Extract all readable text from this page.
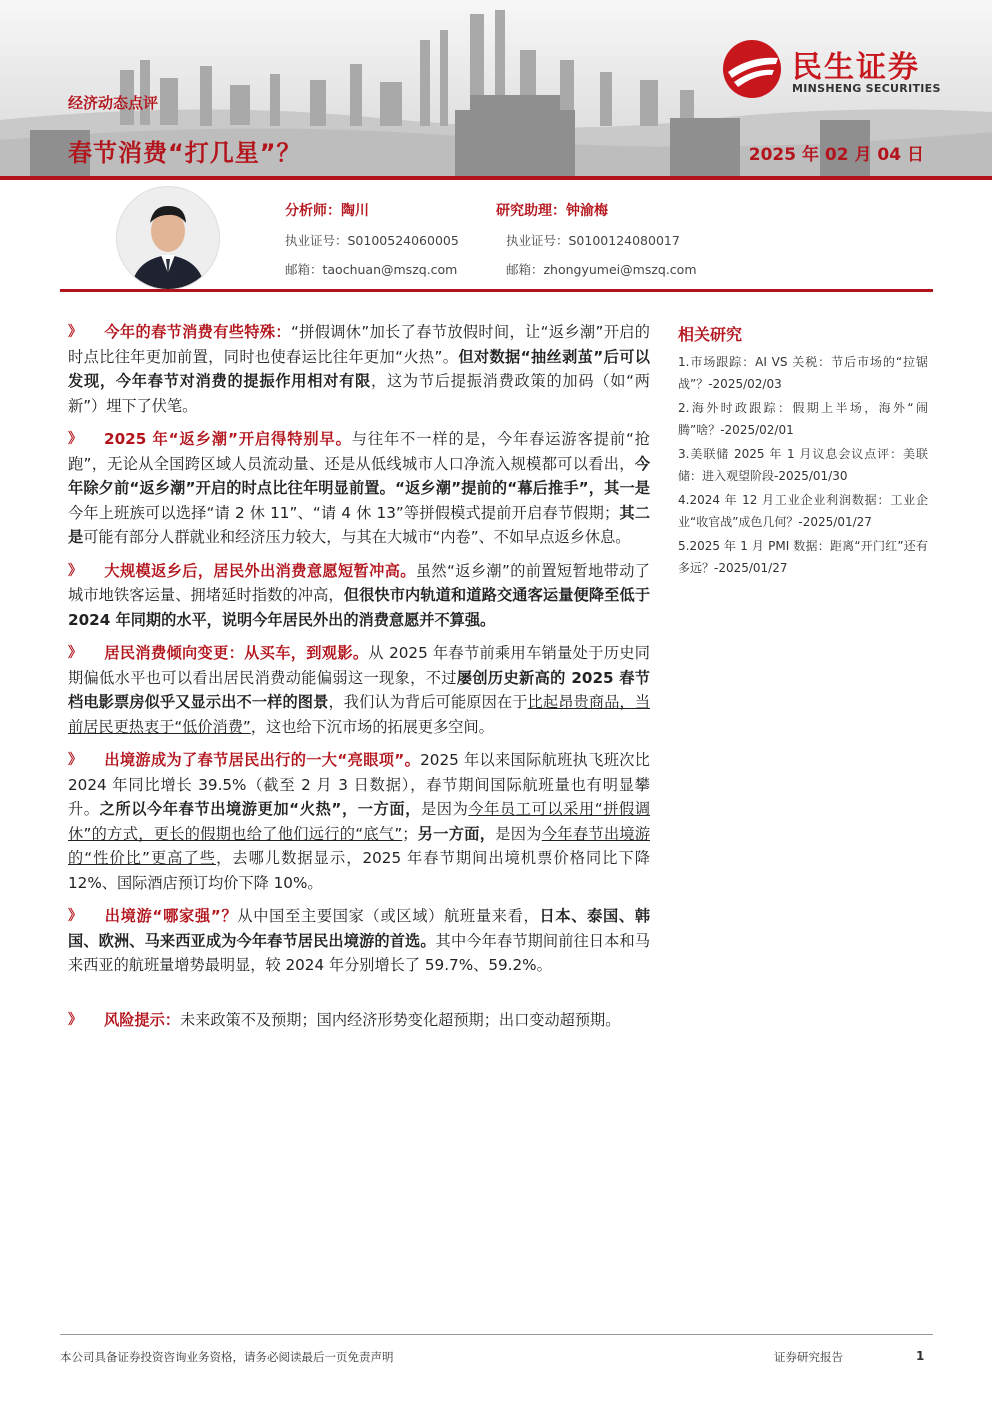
经济动态点评
春节消费“打几星”？	2025 年 02 月 04 日
民生证券
MINSHENG SECURITIES
分析师：陶川
执业证号：S0100524060005
邮箱：taochuan@mszq.com
研究助理：钟渝梅
执业证号：S0100124080017
邮箱：zhongyumei@mszq.com
》 今年的春节消费有些特殊：“拼假调休”加长了春节放假时间，让“返乡潮”开启的时点比往年更加前置，同时也使春运比往年更加“火热”。但对数据“抽丝剥茧”后可以发现，今年春节对消费的提振作用相对有限，这为节后提振消费政策的加码（如“两新”）埋下了伏笔。
》 2025 年“返乡潮”开启得特别早。与往年不一样的是，今年春运游客提前“抢跑”，无论从全国跨区域人员流动量、还是从低线城市人口净流入规模都可以看出，今年除夕前“返乡潮”开启的时点比往年明显前置。“返乡潮”提前的“幕后推手”，其一是今年上班族可以选择“请 2 休 11”、“请 4 休 13”等拼假模式提前开启春节假期；其二是可能有部分人群就业和经济压力较大，与其在大城市“内卷”、不如早点返乡休息。
》 大规模返乡后，居民外出消费意愿短暂冲高。虽然“返乡潮”的前置短暂地带动了城市地铁客运量、拥堵延时指数的冲高，但很快市内轨道和道路交通客运量便降至低于 2024 年同期的水平，说明今年居民外出的消费意愿并不算强。
》 居民消费倾向变更：从买车，到观影。从 2025 年春节前乘用车销量处于历史同期偏低水平也可以看出居民消费动能偏弱这一现象，不过屡创历史新高的 2025 春节档电影票房似乎又显示出不一样的图景，我们认为背后可能原因在于比起昂贵商品，当前居民更热衷于“低价消费”，这也给下沉市场的拓展更多空间。
》 出境游成为了春节居民出行的一大“亮眼项”。2025 年以来国际航班执飞班次比 2024 年同比增长 39.5%（截至 2 月 3 日数据），春节期间国际航班量也有明显攀升。之所以今年春节出境游更加“火热”，一方面，是因为今年员工可以采用“拼假调休”的方式，更长的假期也给了他们远行的“底气”；另一方面，是因为今年春节出境游的“性价比”更高了些，去哪儿数据显示，2025 年春节期间出境机票价格同比下降 12%、国际酒店预订均价下降 10%。
》 出境游“哪家强”？从中国至主要国家（或区域）航班量来看，日本、泰国、韩国、欧洲、马来西亚成为今年春节居民出境游的首选。其中今年春节期间前往日本和马来西亚的航班量增势最明显，较 2024 年分别增长了 59.7%、59.2%。
》 风险提示：未来政策不及预期；国内经济形势变化超预期；出口变动超预期。
相关研究
1.市场跟踪：AI VS 关税：节后市场的“拉锯战”？-2025/02/03
2.海外时政跟踪：假期上半场，海外“闹腾”啥？-2025/02/01
3.美联储 2025 年 1 月议息会议点评：美联储：进入观望阶段-2025/01/30
4.2024 年 12 月工业企业利润数据：工业企业“收官战”成色几何？-2025/01/27
5.2025 年 1 月 PMI 数据：距离“开门红”还有多远？-2025/01/27
本公司具备证券投资咨询业务资格，请务必阅读最后一页免责声明	证券研究报告	1
